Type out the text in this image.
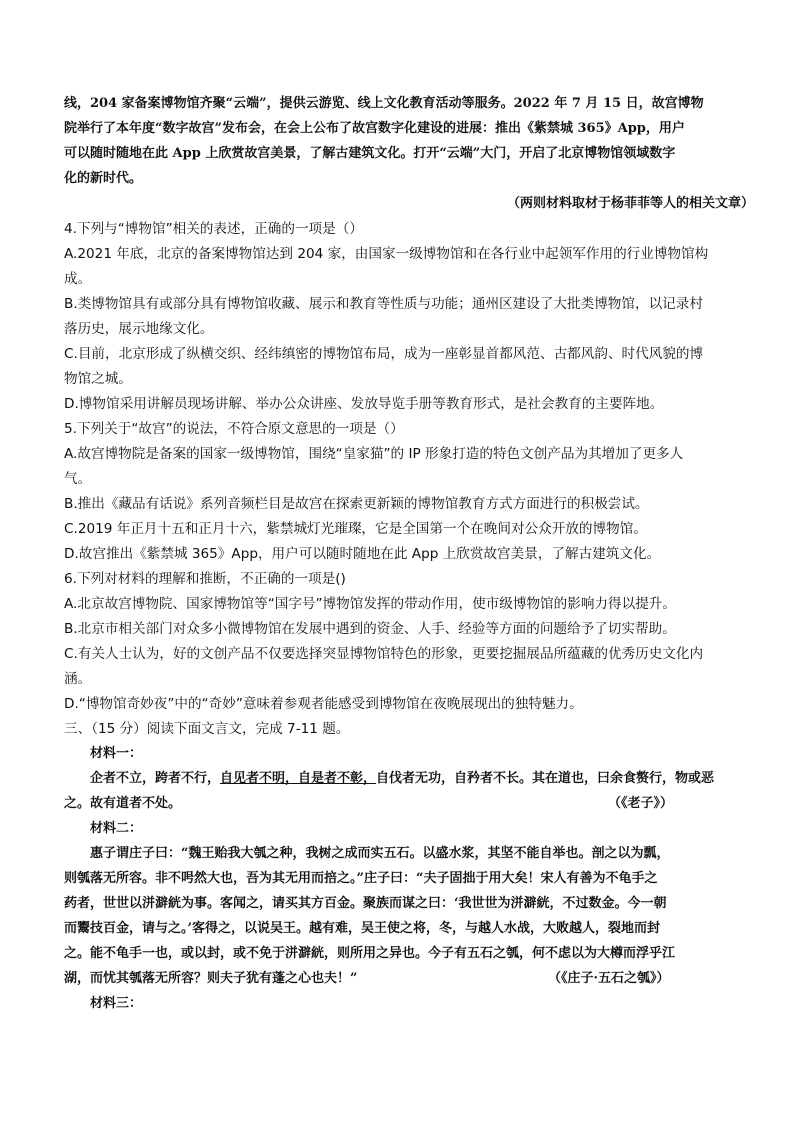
线，204 家备案博物馆齐聚“云端”，提供云游览、线上文化教育活动等服务。2022 年 7 月 15 日，故宫博物
院举行了本年度“数字故宫”发布会，在会上公布了故宫数字化建设的进展：推出《紫禁城 365》App，用户
可以随时随地在此 App 上欣赏故宫美景，了解古建筑文化。打开“云端”大门，开启了北京博物馆领域数字
化的新时代。
（两则材料取材于杨菲菲等人的相关文章）
4.下列与“博物馆”相关的表述，正确的一项是（）
A.2021 年底，北京的备案博物馆达到 204 家，由国家一级博物馆和在各行业中起领军作用的行业博物馆构
成。
B.类博物馆具有或部分具有博物馆收藏、展示和教育等性质与功能；通州区建设了大批类博物馆，以记录村
落历史，展示地缘文化。
C.目前，北京形成了纵横交织、经纬缜密的博物馆布局，成为一座彰显首都风范、古都风韵、时代风貌的博
物馆之城。
D.博物馆采用讲解员现场讲解、举办公众讲座、发放导览手册等教育形式，是社会教育的主要阵地。
5.下列关于“故宫”的说法，不符合原文意思的一项是（）
A.故宫博物院是备案的国家一级博物馆，围绕“皇家猫”的 IP 形象打造的特色文创产品为其增加了更多人
气。
B.推出《藏品有话说》系列音频栏目是故宫在探索更新颖的博物馆教育方式方面进行的积极尝试。
C.2019 年正月十五和正月十六，紫禁城灯光璀璨，它是全国第一个在晚间对公众开放的博物馆。
D.故宫推出《紫禁城 365》App，用户可以随时随地在此 App 上欣赏故宫美景，了解古建筑文化。
6.下列对材料的理解和推断，不正确的一项是()
A.北京故宫博物院、国家博物馆等“国字号”博物馆发挥的带动作用，使市级博物馆的影响力得以提升。
B.北京市相关部门对众多小微博物馆在发展中遇到的资金、人手、经验等方面的问题给予了切实帮助。
C.有关人士认为，好的文创产品不仅要选择突显博物馆特色的形象，更要挖掘展品所蕴藏的优秀历史文化内
涵。
D.“博物馆奇妙夜”中的“奇妙”意味着参观者能感受到博物馆在夜晚展现出的独特魅力。
三、（15 分）阅读下面文言文，完成 7-11 题。
材料一：
企者不立，跨者不行，自见者不明，自是者不彰，自伐者无功，自矜者不长。其在道也，曰余食赘行，物或恶
之。故有道者不处。	（《老子》）
材料二：
惠子谓庄子曰：“魏王贻我大瓠之种，我树之成而实五石。以盛水浆，其坚不能自举也。剖之以为瓢，
则瓠落无所容。非不呺然大也，吾为其无用而掊之。”庄子曰：“夫子固拙于用大矣！宋人有善为不龟手之
药者，世世以洴澼絖为事。客闻之，请买其方百金。聚族而谋之曰：‘我世世为洴澼絖，不过数金。今一朝
而鬻技百金，请与之。’客得之，以说吴王。越有难，吴王使之将，冬，与越人水战，大败越人，裂地而封
之。能不龟手一也，或以封，或不免于洴澼絖，则所用之异也。今子有五石之瓠，何不虑以为大樽而浮乎江
湖，而忧其瓠落无所容？则夫子犹有蓬之心也夫！”	（《庄子·五石之瓠》）
材料三：
